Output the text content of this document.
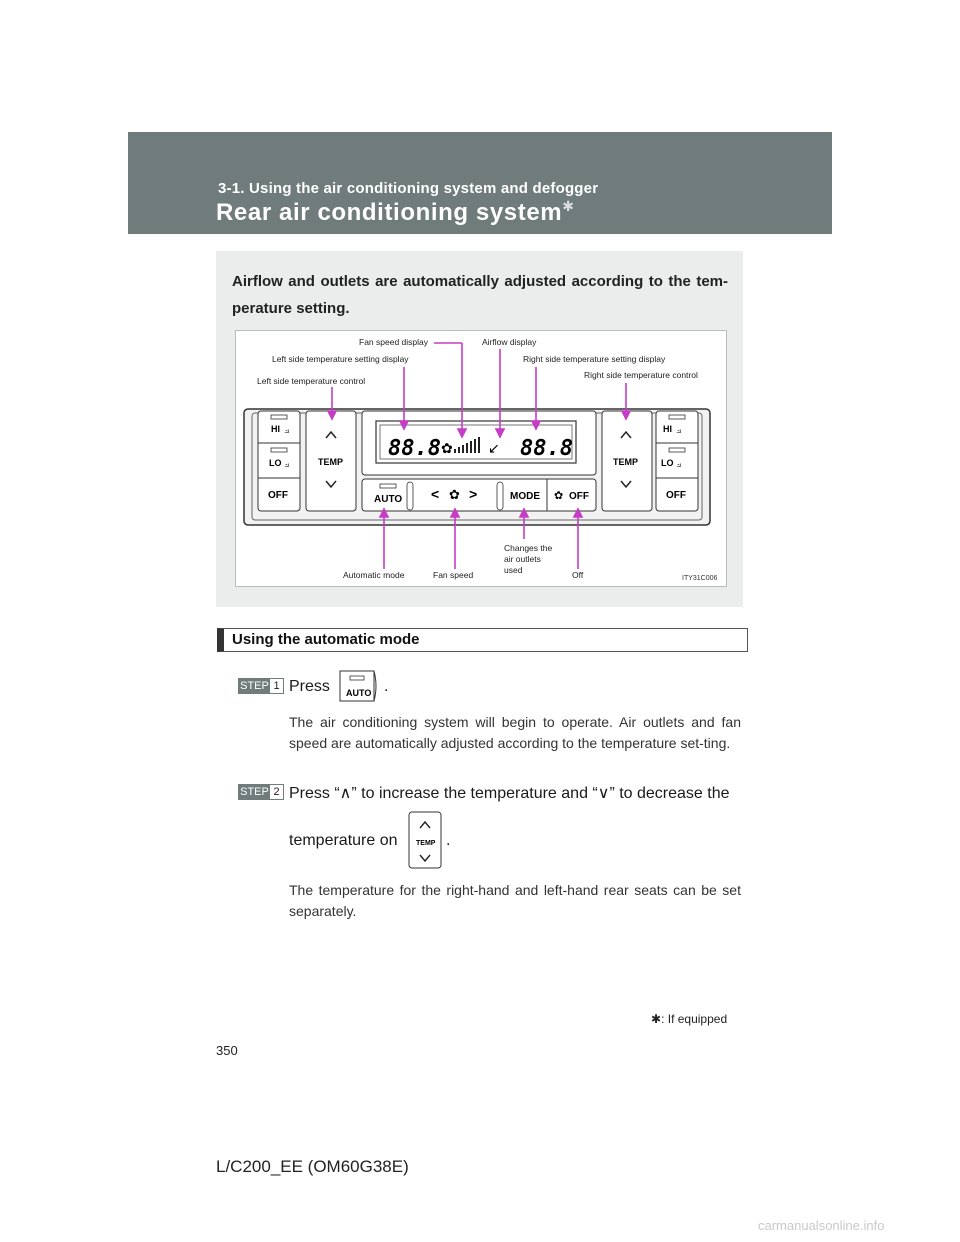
3-1. Using the air conditioning system and defogger
Rear air conditioning system✱
Airflow and outlets are automatically adjusted according to the tem-perature setting.
HI ⟓
LO ⟓
OFF
TEMP
88.8 ✿	↙ 88.8
AUTO < ✿ >	MODE ✿ OFF
TEMP
HI ⟓
LO ⟓
OFF
Fan speed display	Airflow display
Left side temperature setting display	Right side temperature setting display
Left side temperature control
Right side temperature control
Automatic mode	Fan speed	Off
Changes the air outlets used
ITY31C006
Using the automatic mode
STEP 1 Press AUTO .
The air conditioning system will begin to operate. Air outlets and fan speed are automatically adjusted according to the temperature set-ting.
STEP 2 Press “∧” to increase the temperature and “∨” to decrease the
temperature on	TEMP .
The temperature for the right-hand and left-hand rear seats can be set separately.
✱: If equipped
350
L/C200_EE (OM60G38E)
carmanualsonline.info
